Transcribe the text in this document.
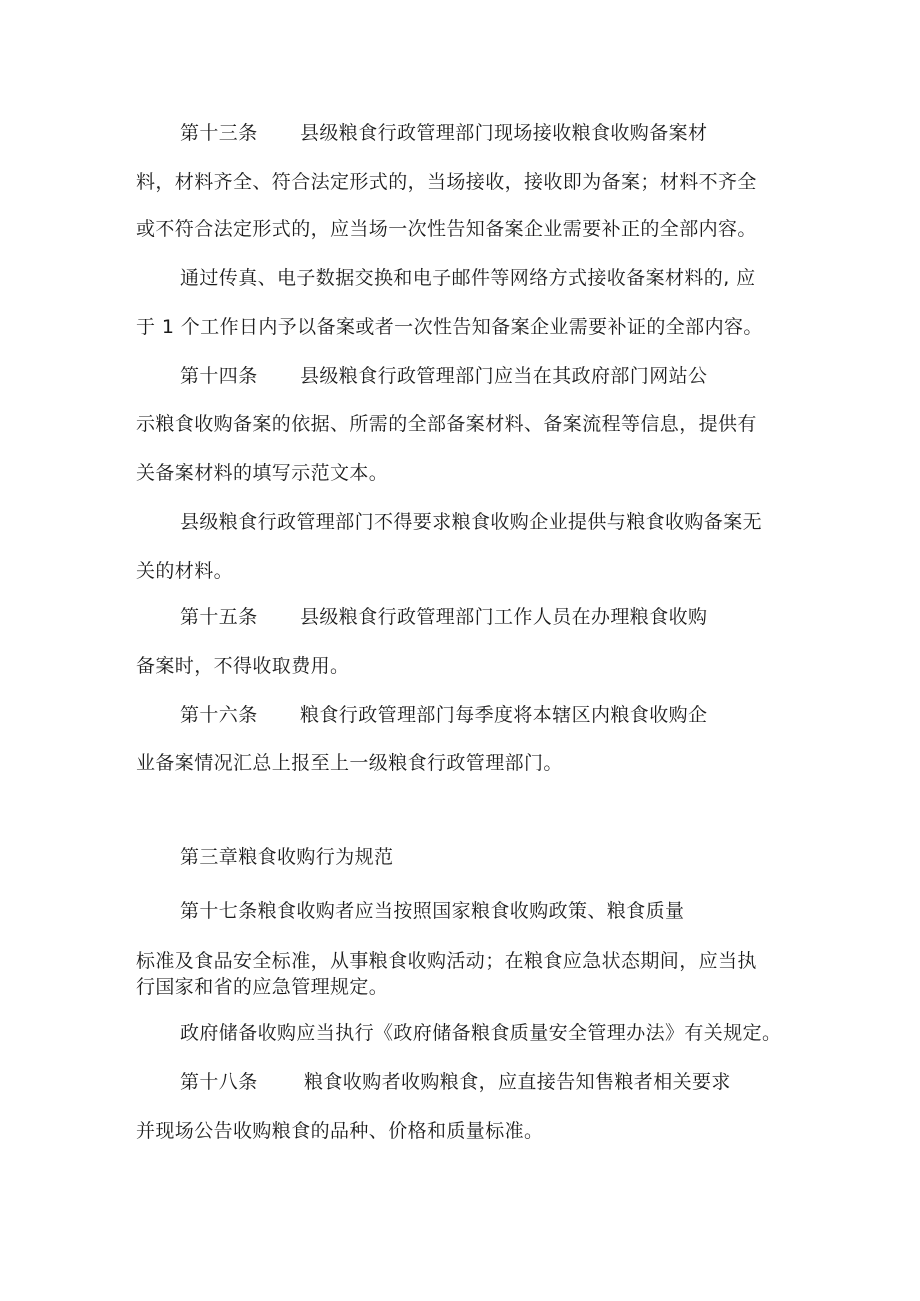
第十三条 县级粮食行政管理部门现场接收粮食收购备案材
料，材料齐全、符合法定形式的，当场接收，接收即为备案；材料不齐全
或不符合法定形式的，应当场一次性告知备案企业需要补正的全部内容。
通过传真、电子数据交换和电子邮件等网络方式接收备案材料的, 应
于 1 个工作日内予以备案或者一次性告知备案企业需要补证的全部内容。
第十四条 县级粮食行政管理部门应当在其政府部门网站公
示粮食收购备案的依据、所需的全部备案材料、备案流程等信息，提供有
关备案材料的填写示范文本。
县级粮食行政管理部门不得要求粮食收购企业提供与粮食收购备案无
关的材料。
第十五条 县级粮食行政管理部门工作人员在办理粮食收购
备案时，不得收取费用。
第十六条 粮食行政管理部门每季度将本辖区内粮食收购企
业备案情况汇总上报至上一级粮食行政管理部门。
第三章粮食收购行为规范
第十七条粮食收购者应当按照国家粮食收购政策、粮食质量
标准及食品安全标准，从事粮食收购活动；在粮食应急状态期间，应当执
行国家和省的应急管理规定。
政府储备收购应当执行《政府储备粮食质量安全管理办法》有关规定。
第十八条 粮食收购者收购粮食，应直接告知售粮者相关要求
并现场公告收购粮食的品种、价格和质量标准。
